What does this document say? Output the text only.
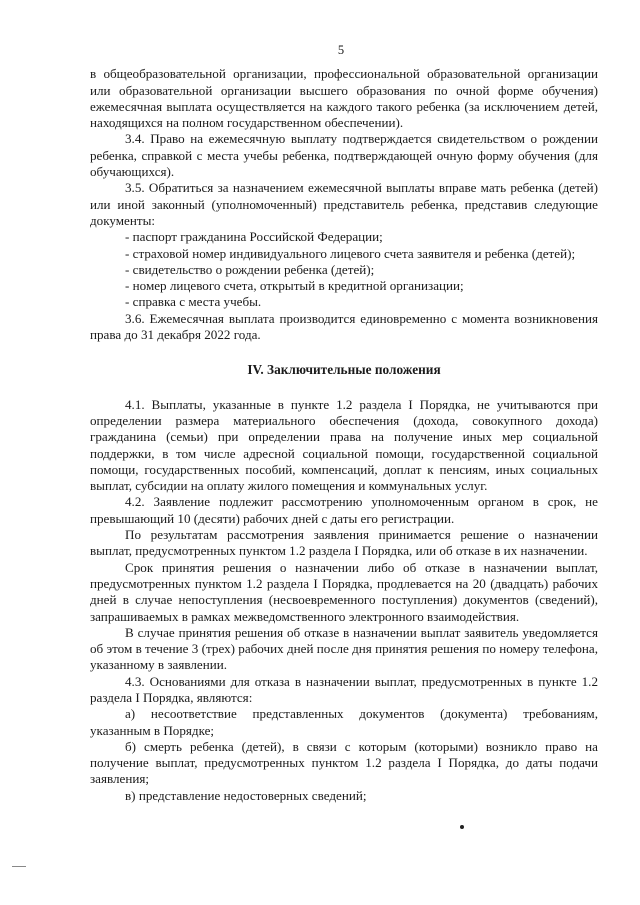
5

в общеобразовательной организации, профессиональной образовательной организации или образовательной организации высшего образования по очной форме обучения) ежемесячная выплата осуществляется на каждого такого ребенка (за исключением детей, находящихся на полном государственном обеспечении).

3.4. Право на ежемесячную выплату подтверждается свидетельством о рождении ребенка, справкой с места учебы ребенка, подтверждающей очную форму обучения (для обучающихся).

3.5. Обратиться за назначением ежемесячной выплаты вправе мать ребенка (детей) или иной законный (уполномоченный) представитель ребенка, представив следующие документы:

- паспорт гражданина Российской Федерации;

- страховой номер индивидуального лицевого счета заявителя и ребенка (детей);

- свидетельство о рождении ребенка (детей);

- номер лицевого счета, открытый в кредитной организации;

- справка с места учебы.

3.6. Ежемесячная выплата производится единовременно с момента возникновения права до 31 декабря 2022 года.

IV. Заключительные положения

4.1. Выплаты, указанные в пункте 1.2 раздела I Порядка, не учитываются при определении размера материального обеспечения (дохода, совокупного дохода) гражданина (семьи) при определении права на получение иных мер социальной поддержки, в том числе адресной социальной помощи, государственной социальной помощи, государственных пособий, компенсаций, доплат к пенсиям, иных социальных выплат, субсидии на оплату жилого помещения и коммунальных услуг.

4.2. Заявление подлежит рассмотрению уполномоченным органом в срок, не превышающий 10 (десяти) рабочих дней с даты его регистрации.

По результатам рассмотрения заявления принимается решение о назначении выплат, предусмотренных пунктом 1.2 раздела I Порядка, или об отказе в их назначении.

Срок принятия решения о назначении либо об отказе в назначении выплат, предусмотренных пунктом 1.2 раздела I Порядка, продлевается на 20 (двадцать) рабочих дней в случае непоступления (несвоевременного поступления) документов (сведений), запрашиваемых в рамках межведомственного электронного взаимодействия.

В случае принятия решения об отказе в назначении выплат заявитель уведомляется об этом в течение 3 (трех) рабочих дней после дня принятия решения по номеру телефона, указанному в заявлении.

4.3. Основаниями для отказа в назначении выплат, предусмотренных в пункте 1.2 раздела I Порядка, являются:

а) несоответствие представленных документов (документа) требованиям, указанным в Порядке;

б) смерть ребенка (детей), в связи с которым (которыми) возникло право на получение выплат, предусмотренных пунктом 1.2 раздела I Порядка, до даты подачи заявления;

в) представление недостоверных сведений;
